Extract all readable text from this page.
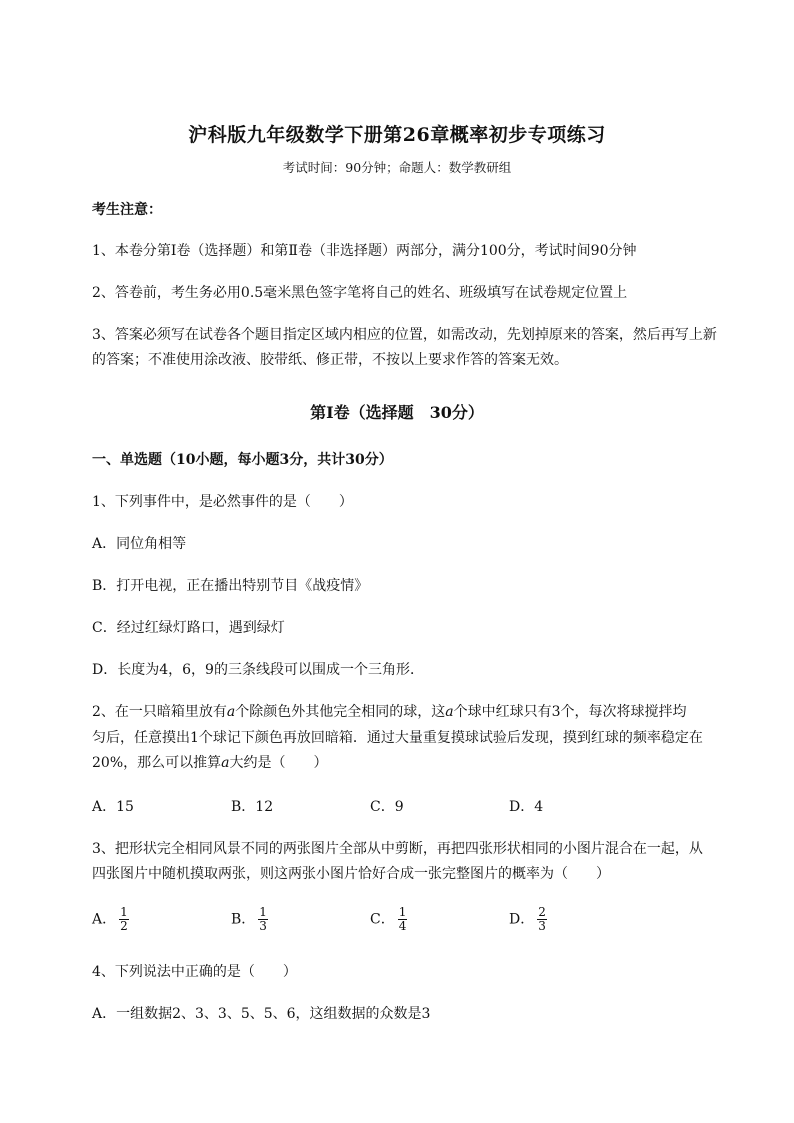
沪科版九年级数学下册第26章概率初步专项练习
考试时间：90分钟；命题人：数学教研组
考生注意：
1、本卷分第I卷（选择题）和第Ⅱ卷（非选择题）两部分，满分100分，考试时间90分钟
2、答卷前，考生务必用0.5毫米黑色签字笔将自己的姓名、班级填写在试卷规定位置上
3、答案必须写在试卷各个题目指定区域内相应的位置，如需改动，先划掉原来的答案，然后再写上新
的答案；不准使用涂改液、胶带纸、修正带，不按以上要求作答的答案无效。
第I卷（选择题　30分）
一、单选题（10小题，每小题3分，共计30分）
1、下列事件中，是必然事件的是（　　）
A．同位角相等
B．打开电视，正在播出特别节目《战疫情》
C．经过红绿灯路口，遇到绿灯
D．长度为4，6，9的三条线段可以围成一个三角形．
2、在一只暗箱里放有a个除颜色外其他完全相同的球，这a个球中红球只有3个，每次将球搅拌均
匀后，任意摸出1个球记下颜色再放回暗箱．通过大量重复摸球试验后发现，摸到红球的频率稳定在
20%，那么可以推算a大约是（　　）
A．15	B．12	C．9	D．4
3、把形状完全相同风景不同的两张图片全部从中剪断，再把四张形状相同的小图片混合在一起，从
四张图片中随机摸取两张，则这两张小图片恰好合成一张完整图片的概率为（　　）
A． $\frac{1}{2}$	B． $\frac{1}{3}$	C． $\frac{1}{4}$	D． $\frac{2}{3}$
4、下列说法中正确的是（　　）
A．一组数据2、3、3、5、5、6，这组数据的众数是3
